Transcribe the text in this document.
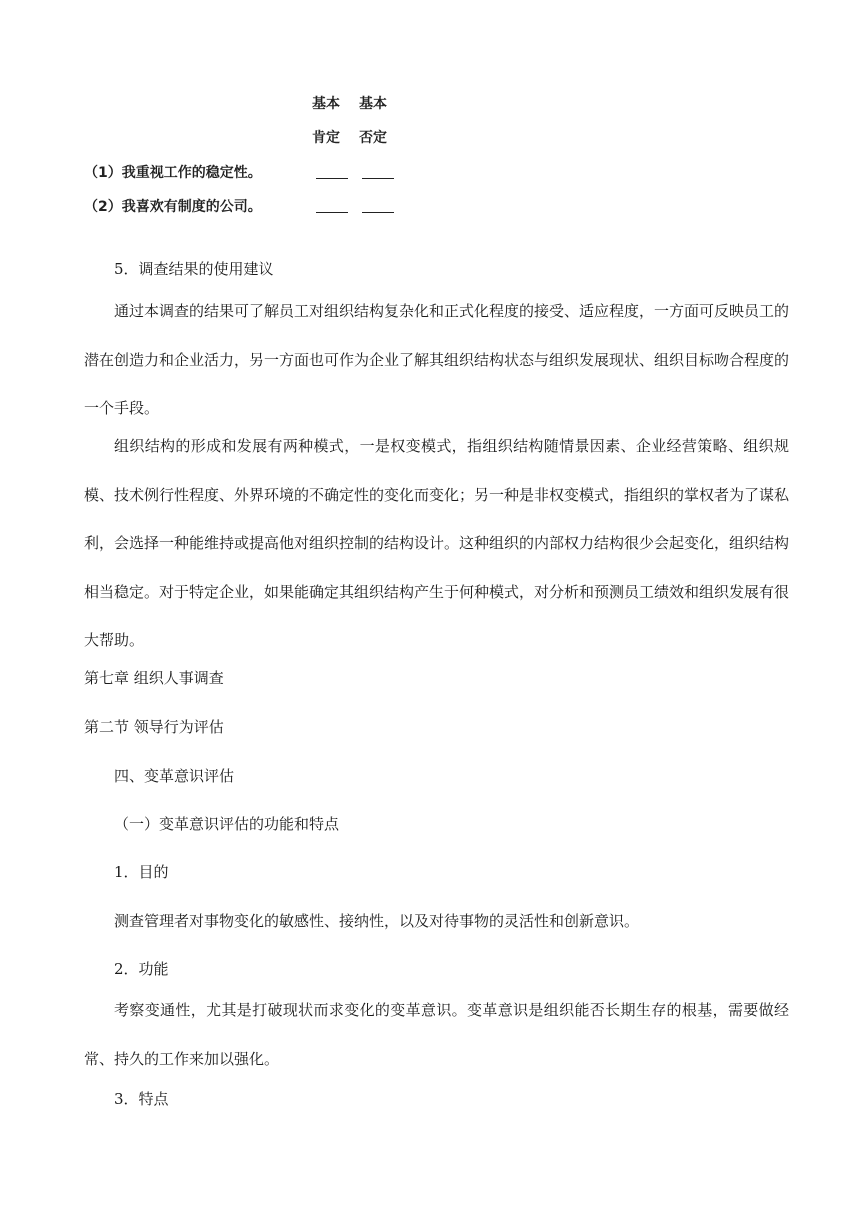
基本 基本
肯定 否定
（1）我重视工作的稳定性。
（2）我喜欢有制度的公司。
5．调查结果的使用建议

通过本调查的结果可了解员工对组织结构复杂化和正式化程度的接受、适应程度，一方面可反映员工的潜在创造力和企业活力，另一方面也可作为企业了解其组织结构状态与组织发展现状、组织目标吻合程度的一个手段。

组织结构的形成和发展有两种模式，一是权变模式，指组织结构随情景因素、企业经营策略、组织规模、技术例行性程度、外界环境的不确定性的变化而变化；另一种是非权变模式，指组织的掌权者为了谋私利，会选择一种能维持或提高他对组织控制的结构设计。这种组织的内部权力结构很少会起变化，组织结构相当稳定。对于特定企业，如果能确定其组织结构产生于何种模式，对分析和预测员工绩效和组织发展有很大帮助。

第七章 组织人事调查
第二节 领导行为评估
四、变革意识评估
（一）变革意识评估的功能和特点
1．目的
测查管理者对事物变化的敏感性、接纳性，以及对待事物的灵活性和创新意识。
2．功能

考察变通性，尤其是打破现状而求变化的变革意识。变革意识是组织能否长期生存的根基，需要做经常、持久的工作来加以强化。

3．特点
